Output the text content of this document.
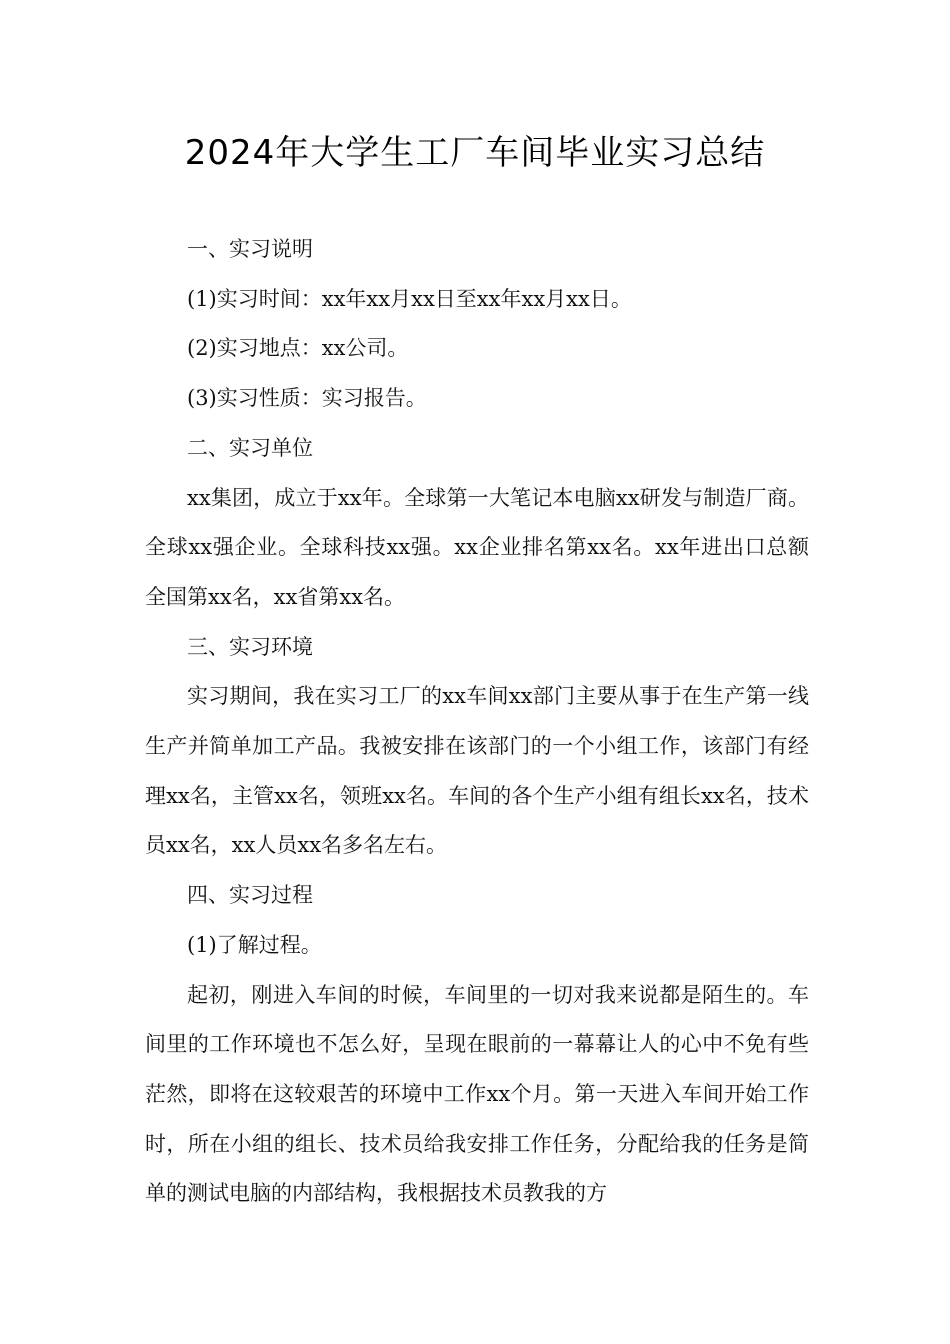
2024年大学生工厂车间毕业实习总结

一、实习说明

(1)实习时间：xx年xx月xx日至xx年xx月xx日。

(2)实习地点：xx公司。

(3)实习性质：实习报告。

二、实习单位

xx集团，成立于xx年。全球第一大笔记本电脑xx研发与制造厂商。全球xx强企业。全球科技xx强。xx企业排名第xx名。xx年进出口总额全国第xx名，xx省第xx名。

三、实习环境

实习期间，我在实习工厂的xx车间xx部门主要从事于在生产第一线生产并简单加工产品。我被安排在该部门的一个小组工作，该部门有经理xx名，主管xx名，领班xx名。车间的各个生产小组有组长xx名，技术员xx名，xx人员xx名多名左右。

四、实习过程

(1)了解过程。

起初，刚进入车间的时候，车间里的一切对我来说都是陌生的。车间里的工作环境也不怎么好，呈现在眼前的一幕幕让人的心中不免有些茫然，即将在这较艰苦的环境中工作xx个月。第一天进入车间开始工作时，所在小组的组长、技术员给我安排工作任务，分配给我的任务是简单的测试电脑的内部结构，我根据技术员教我的方
